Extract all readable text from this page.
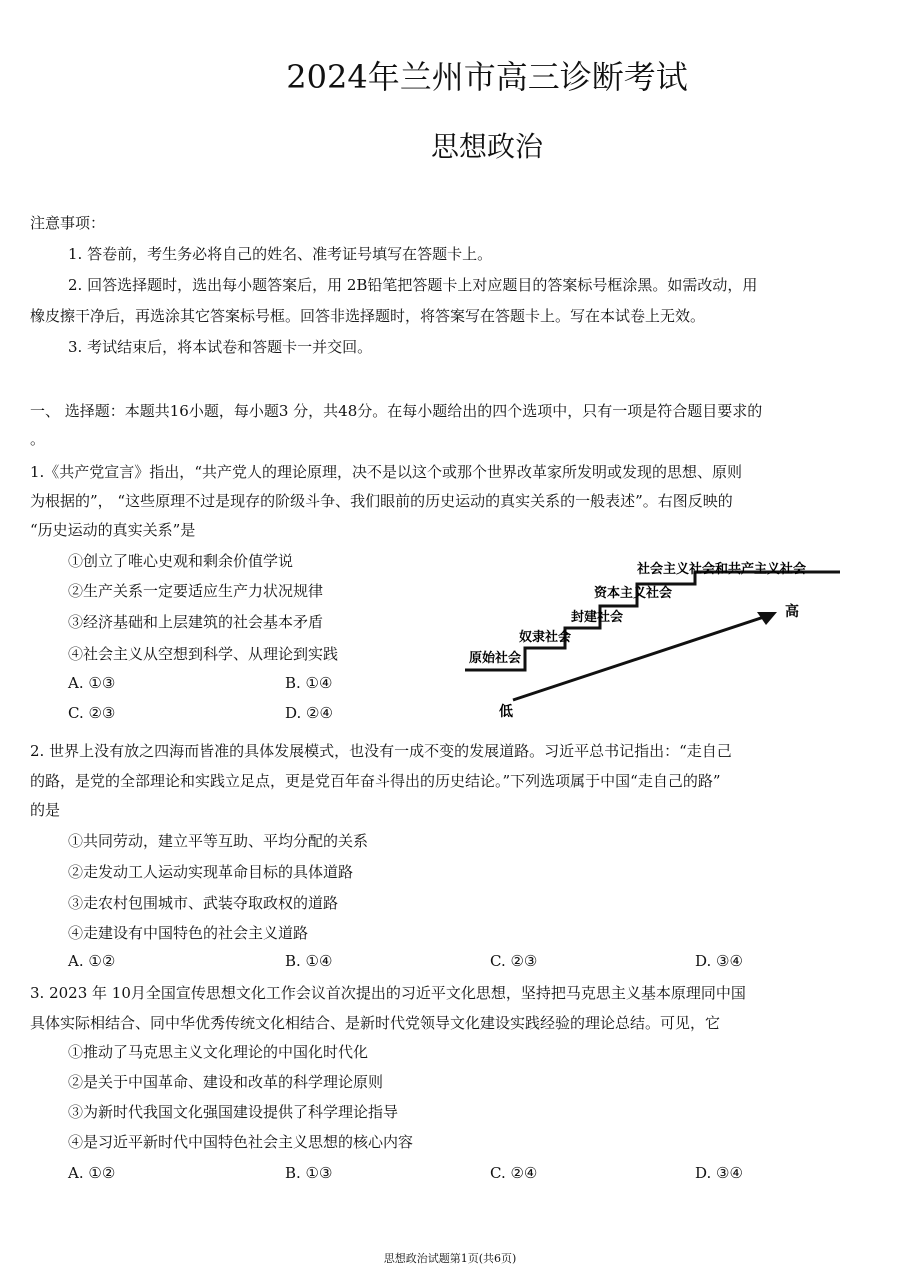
2024年兰州市高三诊断考试
思想政治
注意事项：
1. 答卷前，考生务必将自己的姓名、准考证号填写在答题卡上。
2. 回答选择题时，选出每小题答案后，用 2B铅笔把答题卡上对应题目的答案标号框涂黑。如需改动，用
橡皮擦干净后，再选涂其它答案标号框。回答非选择题时，将答案写在答题卡上。写在本试卷上无效。
3. 考试结束后，将本试卷和答题卡一并交回。
一、 选择题：本题共16小题，每小题3 分，共48分。在每小题给出的四个选项中，只有一项是符合题目要求的
。
1.《共产党宣言》指出，“共产党人的理论原理，决不是以这个或那个世界改革家所发明或发现的思想、原则
为根据的”， “这些原理不过是现存的阶级斗争、我们眼前的历史运动的真实关系的一般表述”。右图反映的
“历史运动的真实关系”是
①创立了唯心史观和剩余价值学说
②生产关系一定要适应生产力状况规律
③经济基础和上层建筑的社会基本矛盾
④社会主义从空想到科学、从理论到实践
A. ①③	B. ①④
C. ②③	D. ②④
原始社会
奴隶社会
封建社会
资本主义社会
社会主义社会和共产主义社会
高
低
2. 世界上没有放之四海而皆准的具体发展模式，也没有一成不变的发展道路。习近平总书记指出：“走自己
的路，是党的全部理论和实践立足点，更是党百年奋斗得出的历史结论。”下列选项属于中国“走自己的路”
的是
①共同劳动，建立平等互助、平均分配的关系
②走发动工人运动实现革命目标的具体道路
③走农村包围城市、武装夺取政权的道路
④走建设有中国特色的社会主义道路
A. ①②	B. ①④	C. ②③	D. ③④
3. 2023 年 10月全国宣传思想文化工作会议首次提出的习近平文化思想，坚持把马克思主义基本原理同中国
具体实际相结合、同中华优秀传统文化相结合、是新时代党领导文化建设实践经验的理论总结。可见，它
①推动了马克思主义文化理论的中国化时代化
②是关于中国革命、建设和改革的科学理论原则
③为新时代我国文化强国建设提供了科学理论指导
④是习近平新时代中国特色社会主义思想的核心内容
A. ①②	B. ①③	C. ②④	D. ③④
思想政治试题第1页(共6页)
